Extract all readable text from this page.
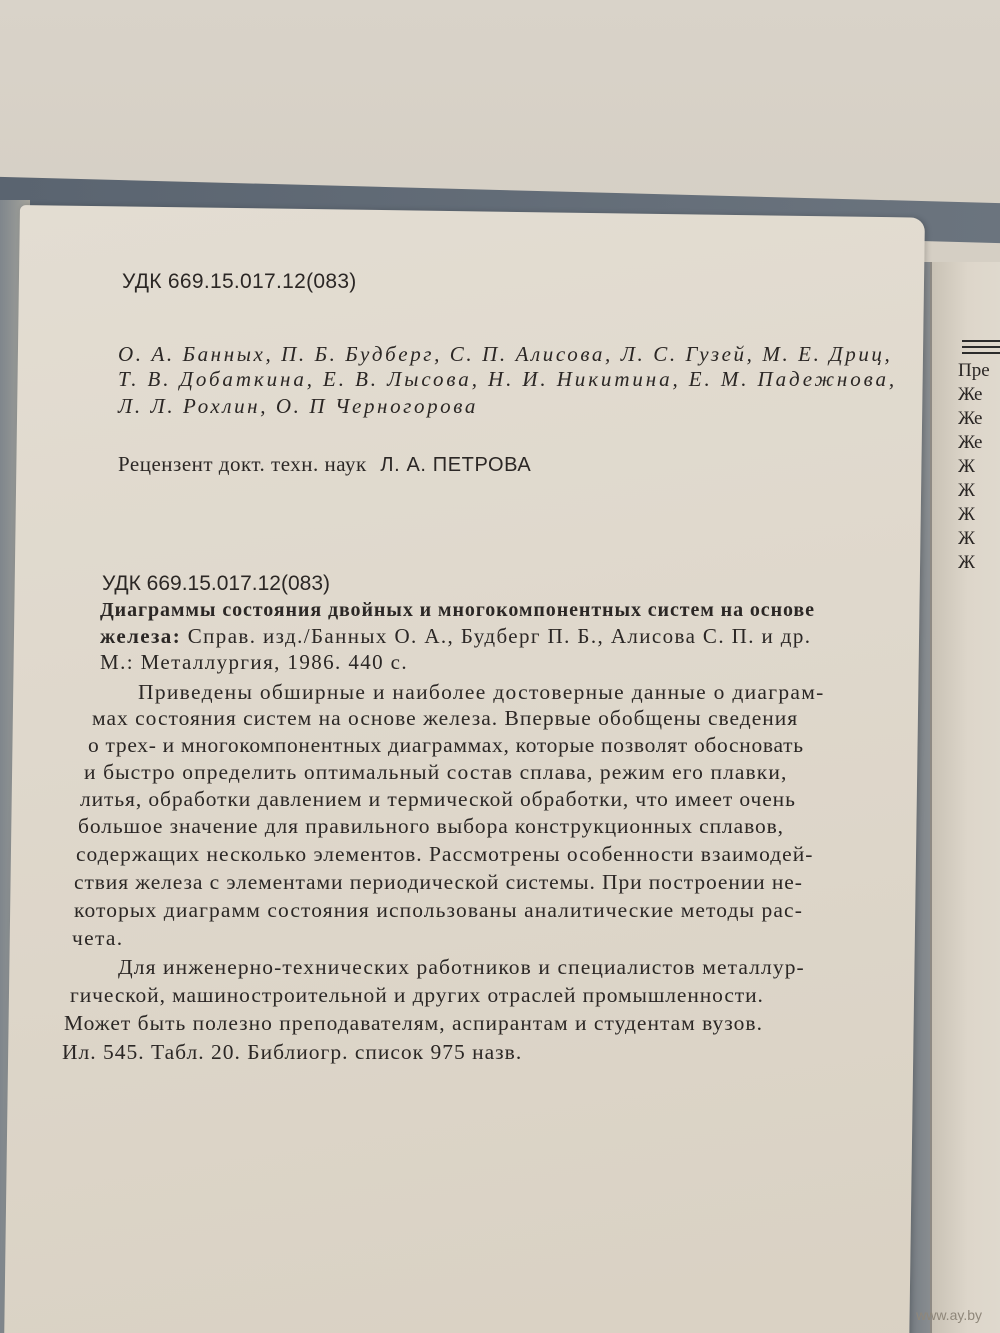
Пре
Же
Же
Же
Ж
Ж
Ж
Ж
Ж
УДК 669.15.017.12(083)
О. А. Банных, П. Б. Будберг, С. П. Алисова, Л. С. Гузей, М. Е. Дриц,
Т. В. Добаткина, Е. В. Лысова, Н. И. Никитина, Е. М. Падежнова,
Л. Л. Рохлин, О. П Черногорова
Рецензент докт. техн. наук Л. А. ПЕТРОВА
УДК 669.15.017.12(083)
Диаграммы состояния двойных и многокомпонентных систем на основе
железа: Справ. изд./Банных О. А., Будберг П. Б., Алисова С. П. и др.
М.: Металлургия, 1986. 440 с.
Приведены обширные и наиболее достоверные данные о диаграм-
мах состояния систем на основе железа. Впервые обобщены сведения
о трех- и многокомпонентных диаграммах, которые позволят обосновать
и быстро определить оптимальный состав сплава, режим его плавки,
литья, обработки давлением и термической обработки, что имеет очень
большое значение для правильного выбора конструкционных сплавов,
содержащих несколько элементов. Рассмотрены особенности взаимодей-
ствия железа с элементами периодической системы. При построении не-
которых диаграмм состояния использованы аналитические методы рас-
чета.
Для инженерно-технических работников и специалистов металлур-
гической, машиностроительной и других отраслей промышленности.
Может быть полезно преподавателям, аспирантам и студентам вузов.
Ил. 545. Табл. 20. Библиогр. список 975 назв.
www.ay.by
